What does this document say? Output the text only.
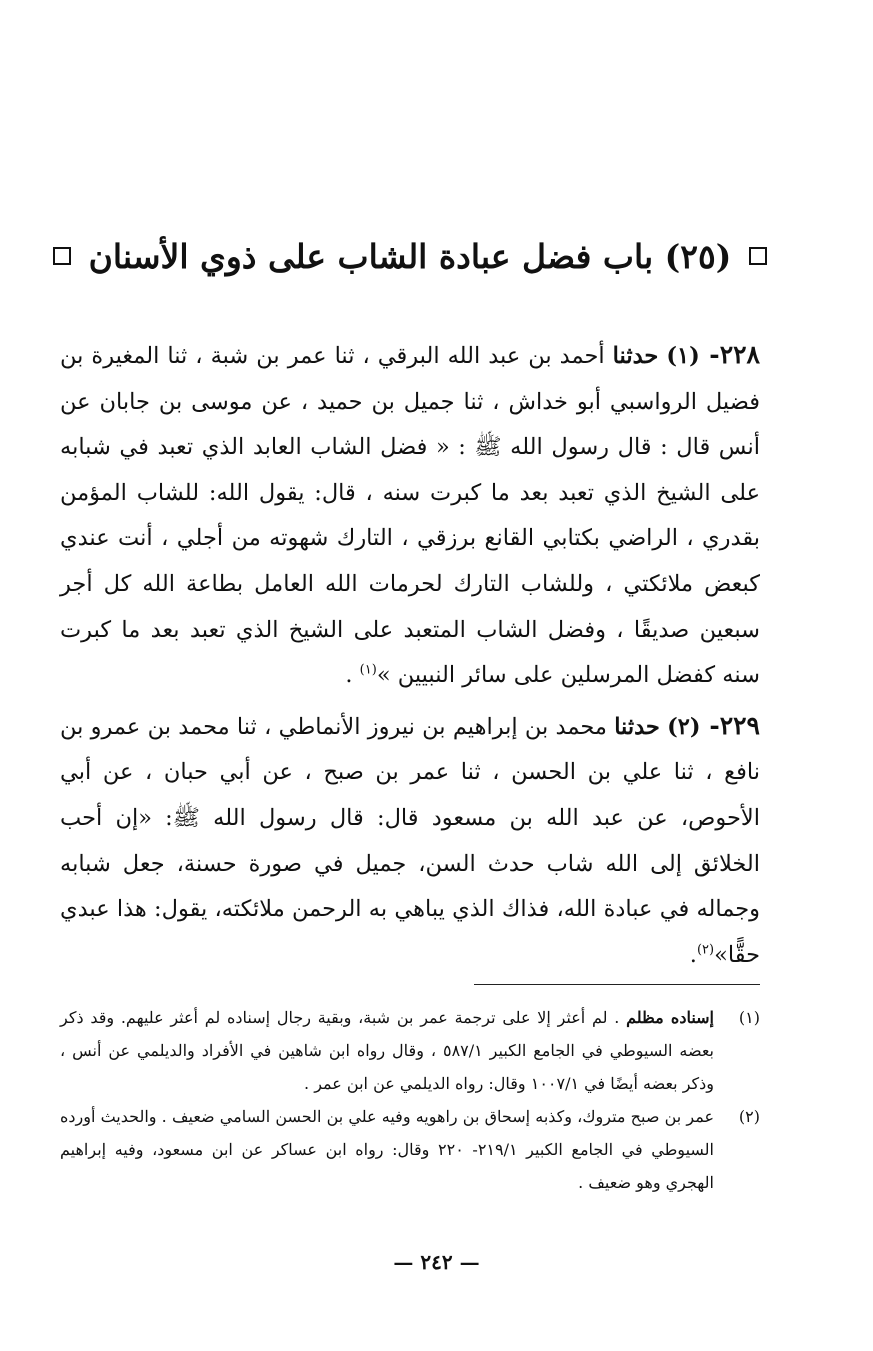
(٢٥) باب فضل عبادة الشاب على ذوي الأسنان

٢٢٨- (١) حدثنا أحمد بن عبد الله البرقي ، ثنا عمر بن شبة ، ثنا المغيرة بن فضيل الرواسبي أبو خداش ، ثنا جميل بن حميد ، عن موسى بن جابان عن أنس قال : قال رسول الله ﷺ : « فضل الشاب العابد الذي تعبد في شبابه على الشيخ الذي تعبد بعد ما كبرت سنه ، قال: يقول الله: للشاب المؤمن بقدري ، الراضي بكتابي القانع برزقي ، التارك شهوته من أجلي ، أنت عندي كبعض ملائكتي ، وللشاب التارك لحرمات الله العامل بطاعة الله كل أجر سبعين صديقًا ، وفضل الشاب المتعبد على الشيخ الذي تعبد بعد ما كبرت سنه كفضل المرسلين على سائر النبيين »$^{(١)}$ .

٢٢٩- (٢) حدثنا محمد بن إبراهيم بن نيروز الأنماطي ، ثنا محمد بن عمرو بن نافع ، ثنا علي بن الحسن ، ثنا عمر بن صبح ، عن أبي حبان ، عن أبي الأحوص، عن عبد الله بن مسعود قال: قال رسول الله ﷺ: «إن أحب الخلائق إلى الله شاب حدث السن، جميل في صورة حسنة، جعل شبابه وجماله في عبادة الله، فذاك الذي يباهي به الرحمن ملائكته، يقول: هذا عبدي حقًّا»$^{(٢)}$.

(١)
إسناده مظلم . لم أعثر إلا على ترجمة عمر بن شبة، وبقية رجال إسناده لم أعثر عليهم. وقد ذكر بعضه السيوطي في الجامع الكبير ٥٨٧/١ ، وقال رواه ابن شاهين في الأفراد والديلمي عن أنس ، وذكر بعضه أيضًا في ١٠٠٧/١ وقال: رواه الديلمي عن ابن عمر .
(٢)
عمر بن صبح متروك، وكذبه إسحاق بن راهويه وفيه علي بن الحسن السامي ضعيف . والحديث أورده السيوطي في الجامع الكبير ٢١٩/١- ٢٢٠ وقال: رواه ابن عساكر عن ابن مسعود، وفيه إبراهيم الهجري وهو ضعيف .
— ٢٤٢ —
